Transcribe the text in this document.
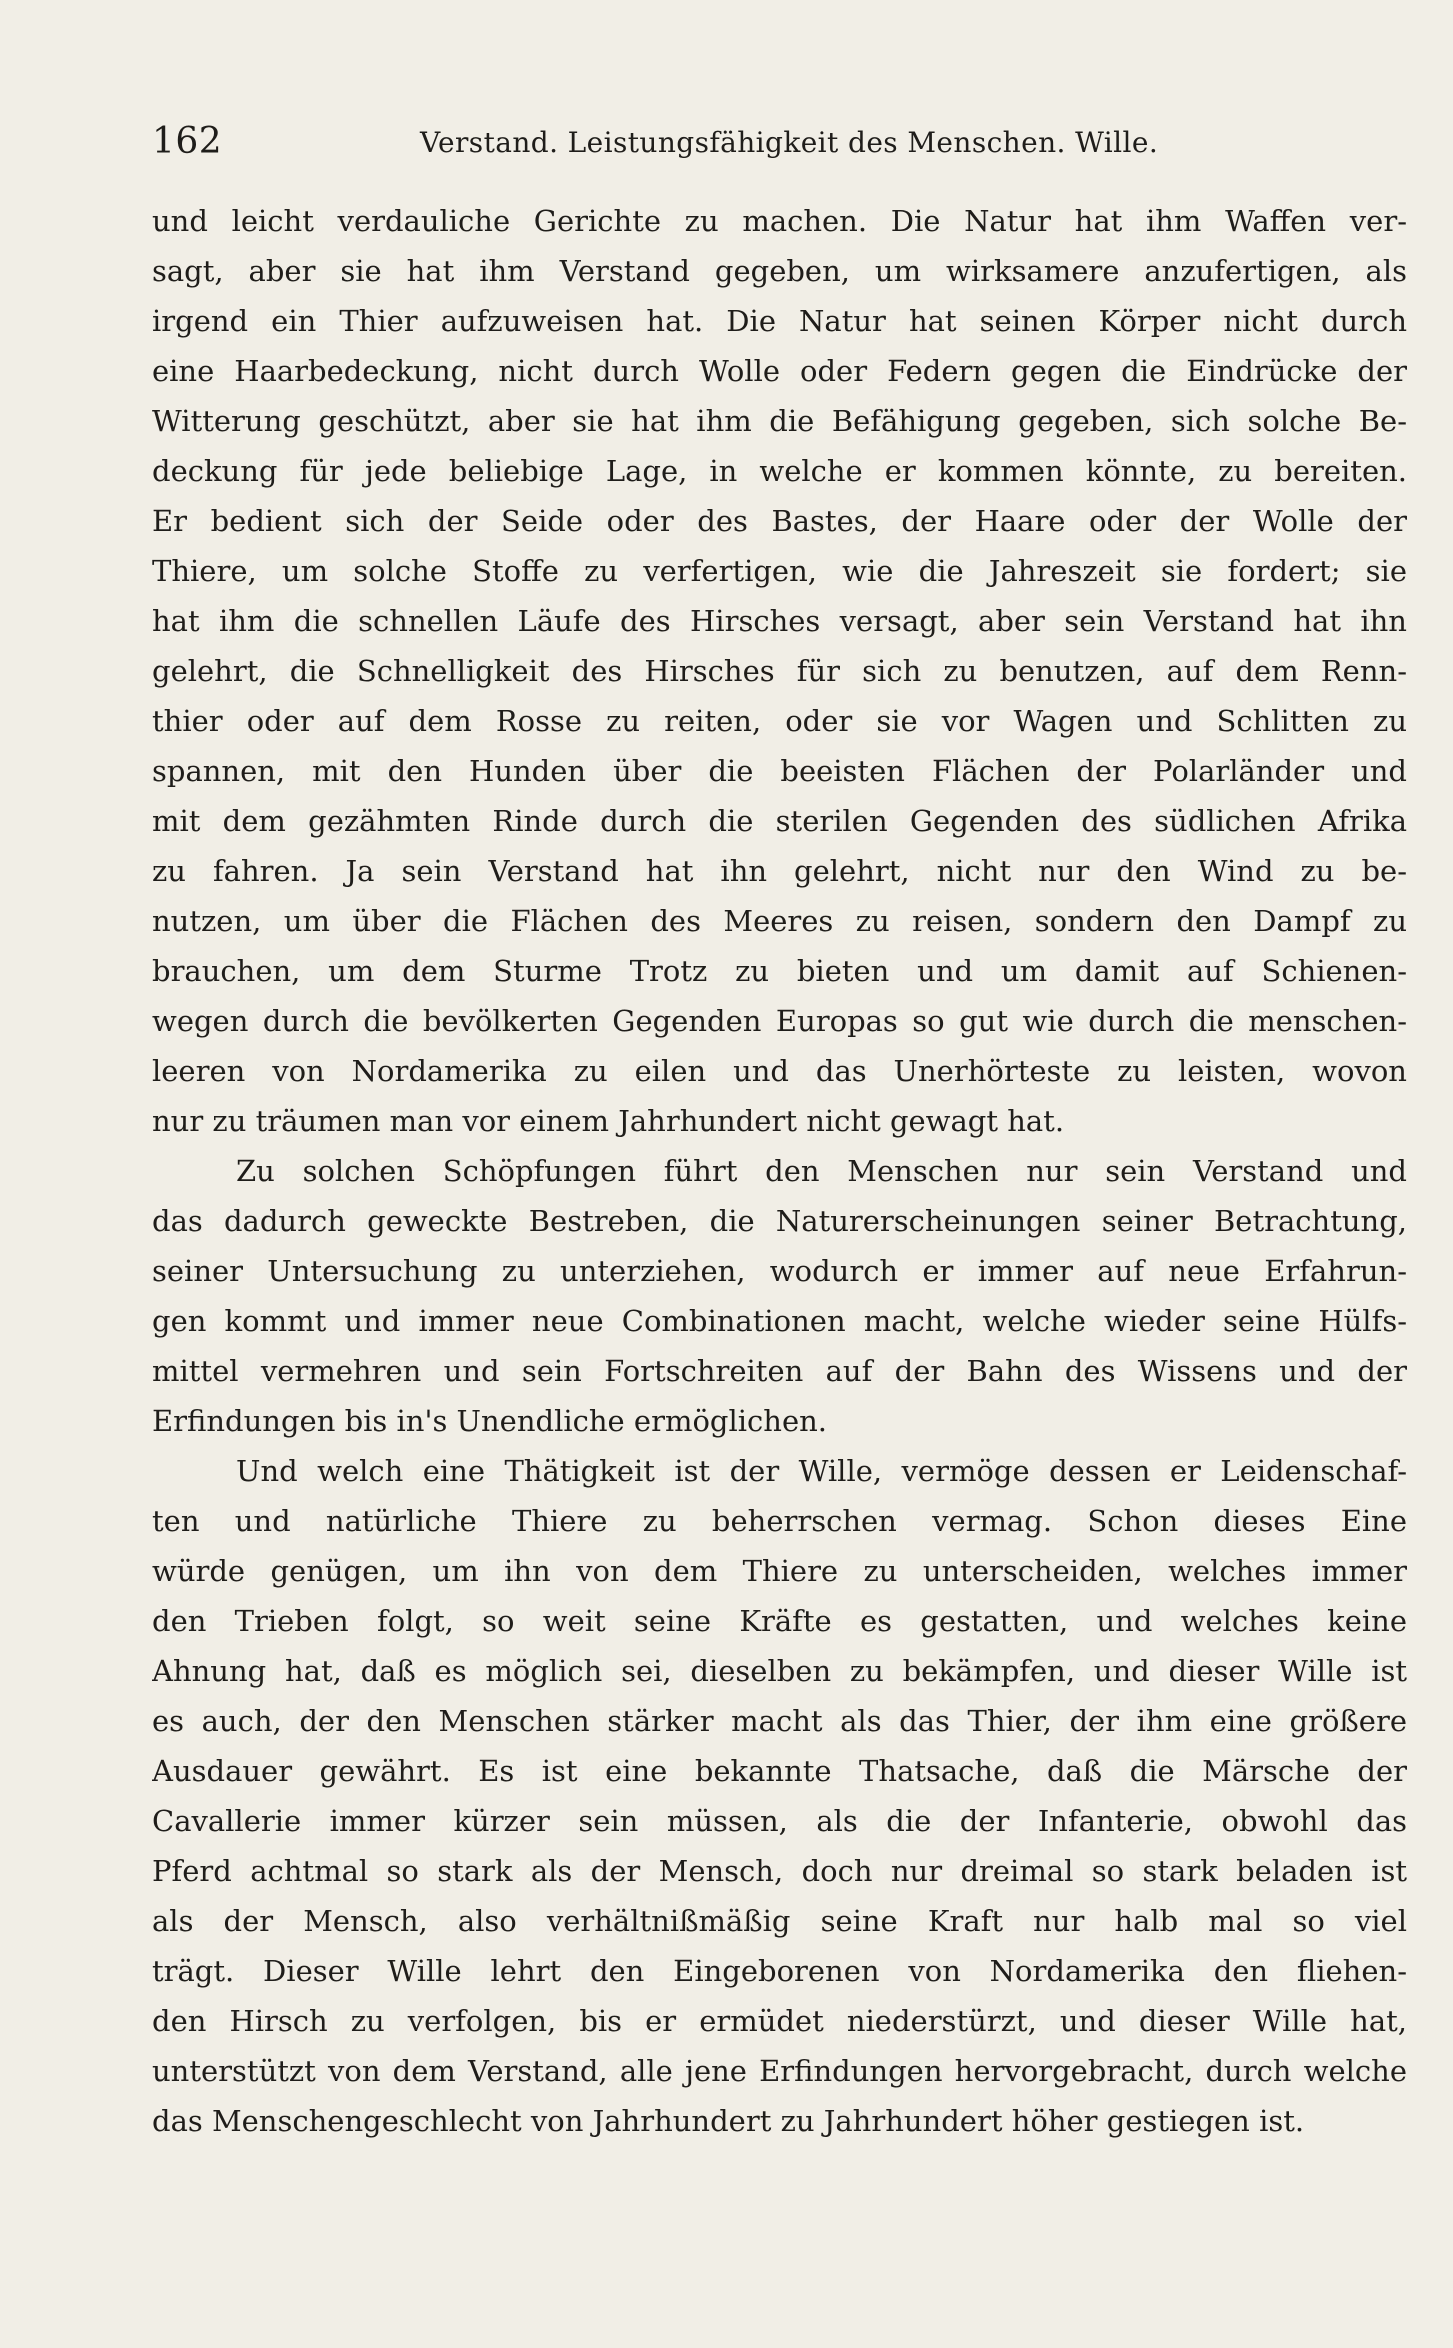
162	Verstand. Leistungsfähigkeit des Menschen. Wille.
und leicht verdauliche Gerichte zu machen. Die Natur hat ihm Waffen ver-
sagt, aber sie hat ihm Verstand gegeben, um wirksamere anzufertigen, als
irgend ein Thier aufzuweisen hat. Die Natur hat seinen Körper nicht durch
eine Haarbedeckung, nicht durch Wolle oder Federn gegen die Eindrücke der
Witterung geschützt, aber sie hat ihm die Befähigung gegeben, sich solche Be-
deckung für jede beliebige Lage, in welche er kommen könnte, zu bereiten.
Er bedient sich der Seide oder des Bastes, der Haare oder der Wolle der
Thiere, um solche Stoffe zu verfertigen, wie die Jahreszeit sie fordert; sie
hat ihm die schnellen Läufe des Hirsches versagt, aber sein Verstand hat ihn
gelehrt, die Schnelligkeit des Hirsches für sich zu benutzen, auf dem Renn-
thier oder auf dem Rosse zu reiten, oder sie vor Wagen und Schlitten zu
spannen, mit den Hunden über die beeisten Flächen der Polarländer und
mit dem gezähmten Rinde durch die sterilen Gegenden des südlichen Afrika
zu fahren. Ja sein Verstand hat ihn gelehrt, nicht nur den Wind zu be-
nutzen, um über die Flächen des Meeres zu reisen, sondern den Dampf zu
brauchen, um dem Sturme Trotz zu bieten und um damit auf Schienen-
wegen durch die bevölkerten Gegenden Europas so gut wie durch die menschen-
leeren von Nordamerika zu eilen und das Unerhörteste zu leisten, wovon
nur zu träumen man vor einem Jahrhundert nicht gewagt hat.
Zu solchen Schöpfungen führt den Menschen nur sein Verstand und
das dadurch geweckte Bestreben, die Naturerscheinungen seiner Betrachtung,
seiner Untersuchung zu unterziehen, wodurch er immer auf neue Erfahrun-
gen kommt und immer neue Combinationen macht, welche wieder seine Hülfs-
mittel vermehren und sein Fortschreiten auf der Bahn des Wissens und der
Erfindungen bis in's Unendliche ermöglichen.
Und welch eine Thätigkeit ist der Wille, vermöge dessen er Leidenschaf-
ten und natürliche Thiere zu beherrschen vermag. Schon dieses Eine
würde genügen, um ihn von dem Thiere zu unterscheiden, welches immer
den Trieben folgt, so weit seine Kräfte es gestatten, und welches keine
Ahnung hat, daß es möglich sei, dieselben zu bekämpfen, und dieser Wille ist
es auch, der den Menschen stärker macht als das Thier, der ihm eine größere
Ausdauer gewährt. Es ist eine bekannte Thatsache, daß die Märsche der
Cavallerie immer kürzer sein müssen, als die der Infanterie, obwohl das
Pferd achtmal so stark als der Mensch, doch nur dreimal so stark beladen ist
als der Mensch, also verhältnißmäßig seine Kraft nur halb mal so viel
trägt. Dieser Wille lehrt den Eingeborenen von Nordamerika den fliehen-
den Hirsch zu verfolgen, bis er ermüdet niederstürzt, und dieser Wille hat,
unterstützt von dem Verstand, alle jene Erfindungen hervorgebracht, durch welche
das Menschengeschlecht von Jahrhundert zu Jahrhundert höher gestiegen ist.
